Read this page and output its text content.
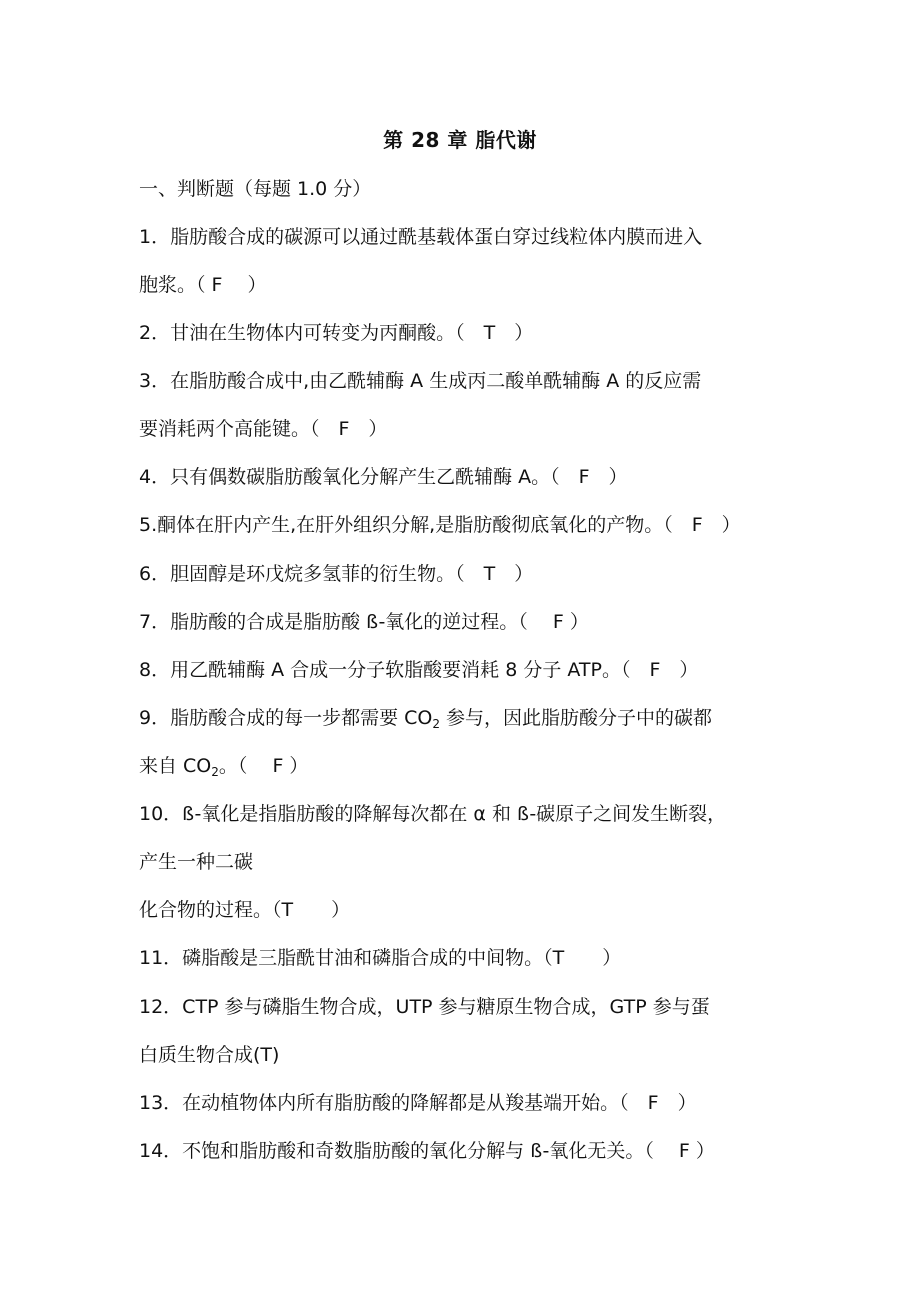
第 28 章 脂代谢
一、判断题（每题 1.0 分）
1．脂肪酸合成的碳源可以通过酰基载体蛋白穿过线粒体内膜而进入
胞浆。（ F　 ）
2．甘油在生物体内可转变为丙酮酸。（　T　）
3．在脂肪酸合成中,由乙酰辅酶 A 生成丙二酸单酰辅酶 A 的反应需
要消耗两个高能键。（　F　）
4．只有偶数碳脂肪酸氧化分解产生乙酰辅酶 A。（　F　）
5.酮体在肝内产生,在肝外组织分解,是脂肪酸彻底氧化的产物。（　F　）
6．胆固醇是环戊烷多氢菲的衍生物。（　T　）
7．脂肪酸的合成是脂肪酸 ß-氧化的逆过程。（　 F ）
8．用乙酰辅酶 A 合成一分子软脂酸要消耗 8 分子 ATP。（　F　）
9．脂肪酸合成的每一步都需要 $CO_2$ 参与，因此脂肪酸分子中的碳都
来自 $CO_2$。（　 F ）
10．ß-氧化是指脂肪酸的降解每次都在 α 和 ß-碳原子之间发生断裂，
产生一种二碳
化合物的过程。（T　　）
11．磷脂酸是三脂酰甘油和磷脂合成的中间物。（T　　）
12．CTP 参与磷脂生物合成，UTP 参与糖原生物合成，GTP 参与蛋
白质生物合成(T)
13．在动植物体内所有脂肪酸的降解都是从羧基端开始。（　F　）
14．不饱和脂肪酸和奇数脂肪酸的氧化分解与 ß-氧化无关。（　 F ）
